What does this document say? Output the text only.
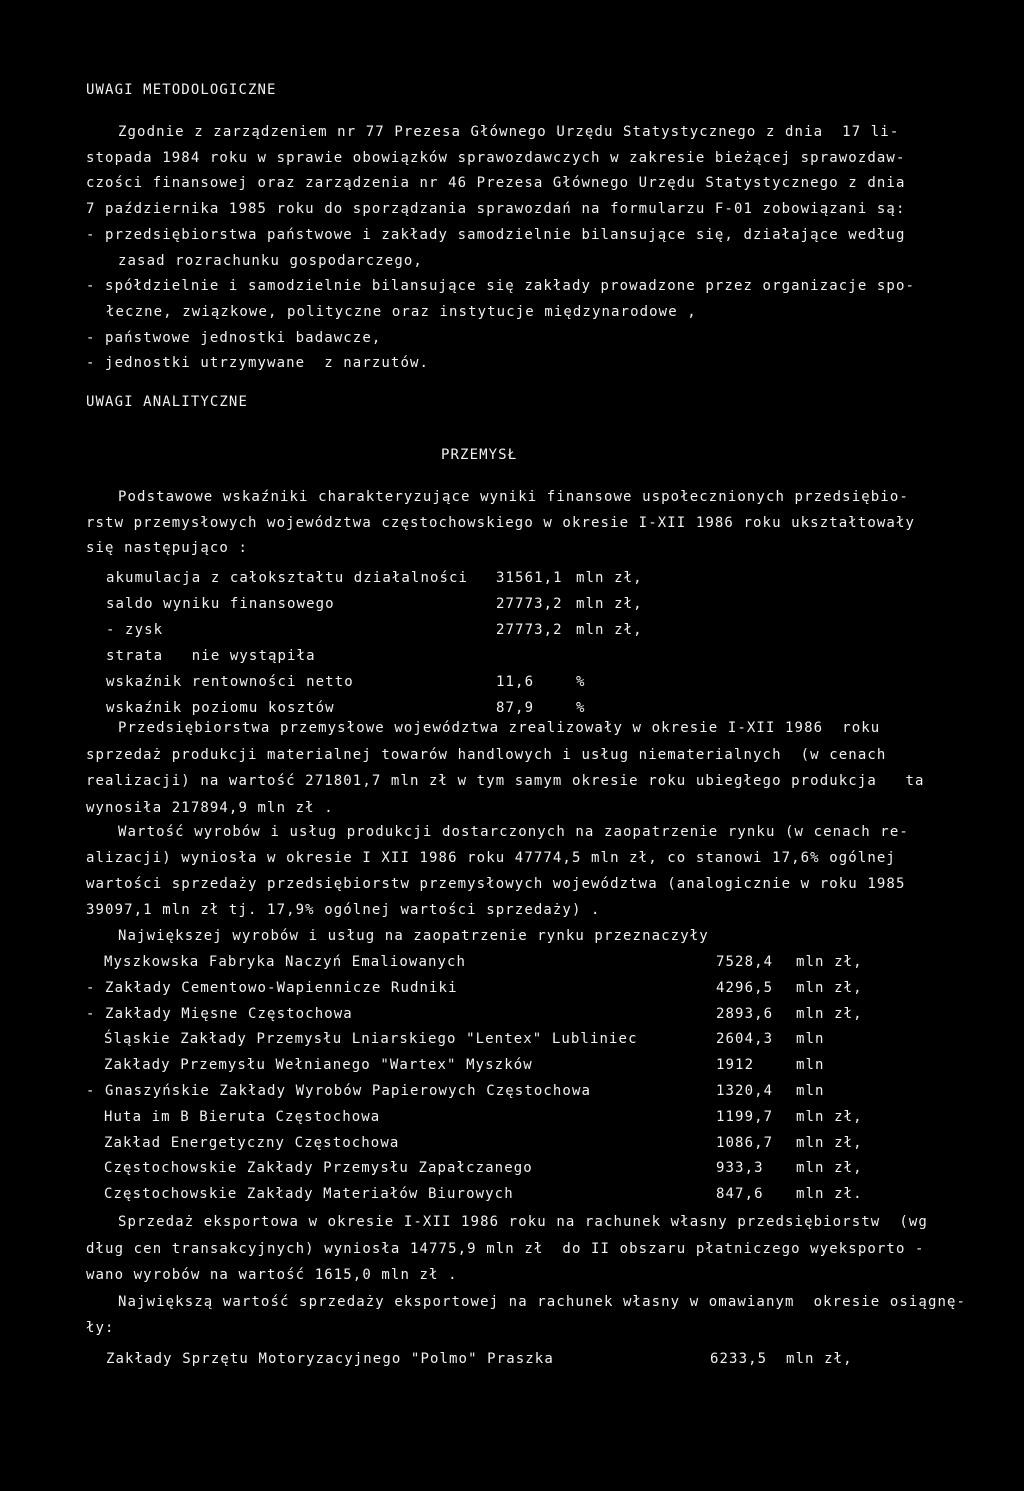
UWAGI METODOLOGICZNE
Zgodnie z zarządzeniem nr 77 Prezesa Głównego Urzędu Statystycznego z dnia  17 li-
stopada 1984 roku w sprawie obowiązków sprawozdawczych w zakresie bieżącej sprawozdaw-
czości finansowej oraz zarządzenia nr 46 Prezesa Głównego Urzędu Statystycznego z dnia
7 października 1985 roku do sporządzania sprawozdań na formularzu F-01 zobowiązani są:
- przedsiębiorstwa państwowe i zakłady samodzielnie bilansujące się, działające według
zasad rozrachunku gospodarczego,
- spółdzielnie i samodzielnie bilansujące się zakłady prowadzone przez organizacje spo-
łeczne, związkowe, polityczne oraz instytucje międzynarodowe ,
- państwowe jednostki badawcze,
- jednostki utrzymywane  z narzutów.
UWAGI ANALITYCZNE
PRZEMYSŁ
Podstawowe wskaźniki charakteryzujące wyniki finansowe uspołecznionych przedsiębio-
rstw przemysłowych województwa częstochowskiego w okresie I-XII 1986 roku ukształtowały
się następująco :
akumulacja z całokształtu działalności 31561,1 mln zł,
saldo wyniku finansowego	27773,2 mln zł,
- zysk	27773,2 mln zł,
strata   nie wystąpiła
wskaźnik rentowności netto	11,6	%
wskaźnik poziomu kosztów	87,9	%
Przedsiębiorstwa przemysłowe województwa zrealizowały w okresie I-XII 1986  roku
sprzedaż produkcji materialnej towarów handlowych i usług niematerialnych  (w cenach
realizacji) na wartość 271801,7 mln zł w tym samym okresie roku ubiegłego produkcja   ta
wynosiła 217894,9 mln zł .
Wartość wyrobów i usług produkcji dostarczonych na zaopatrzenie rynku (w cenach re-
alizacji) wyniosła w okresie I XII 1986 roku 47774,5 mln zł, co stanowi 17,6% ogólnej
wartości sprzedaży przedsiębiorstw przemysłowych województwa (analogicznie w roku 1985
39097,1 mln zł tj. 17,9% ogólnej wartości sprzedaży) .
Największej wyrobów i usług na zaopatrzenie rynku przeznaczyły
Myszkowska Fabryka Naczyń Emaliowanych	7528,4 mln zł,
- Zakłady Cementowo-Wapiennicze Rudniki	4296,5 mln zł,
- Zakłady Mięsne Częstochowa	2893,6 mln zł,
Śląskie Zakłady Przemysłu Lniarskiego "Lentex" Lubliniec	2604,3 mln
Zakłady Przemysłu Wełnianego "Wartex" Myszków	1912	mln
- Gnaszyńskie Zakłady Wyrobów Papierowych Częstochowa	1320,4 mln
Huta im B Bieruta Częstochowa	1199,7 mln zł,
Zakład Energetyczny Częstochowa	1086,7 mln zł,
Częstochowskie Zakłady Przemysłu Zapałczanego	933,3 mln zł,
Częstochowskie Zakłady Materiałów Biurowych	847,6 mln zł.
Sprzedaż eksportowa w okresie I-XII 1986 roku na rachunek własny przedsiębiorstw  (wg
dług cen transakcyjnych) wyniosła 14775,9 mln zł  do II obszaru płatniczego wyeksporto -
wano wyrobów na wartość 1615,0 mln zł .
Największą wartość sprzedaży eksportowej na rachunek własny w omawianym  okresie osiągnę-
ły:
Zakłady Sprzętu Motoryzacyjnego "Polmo" Praszka	6233,5 mln zł,
